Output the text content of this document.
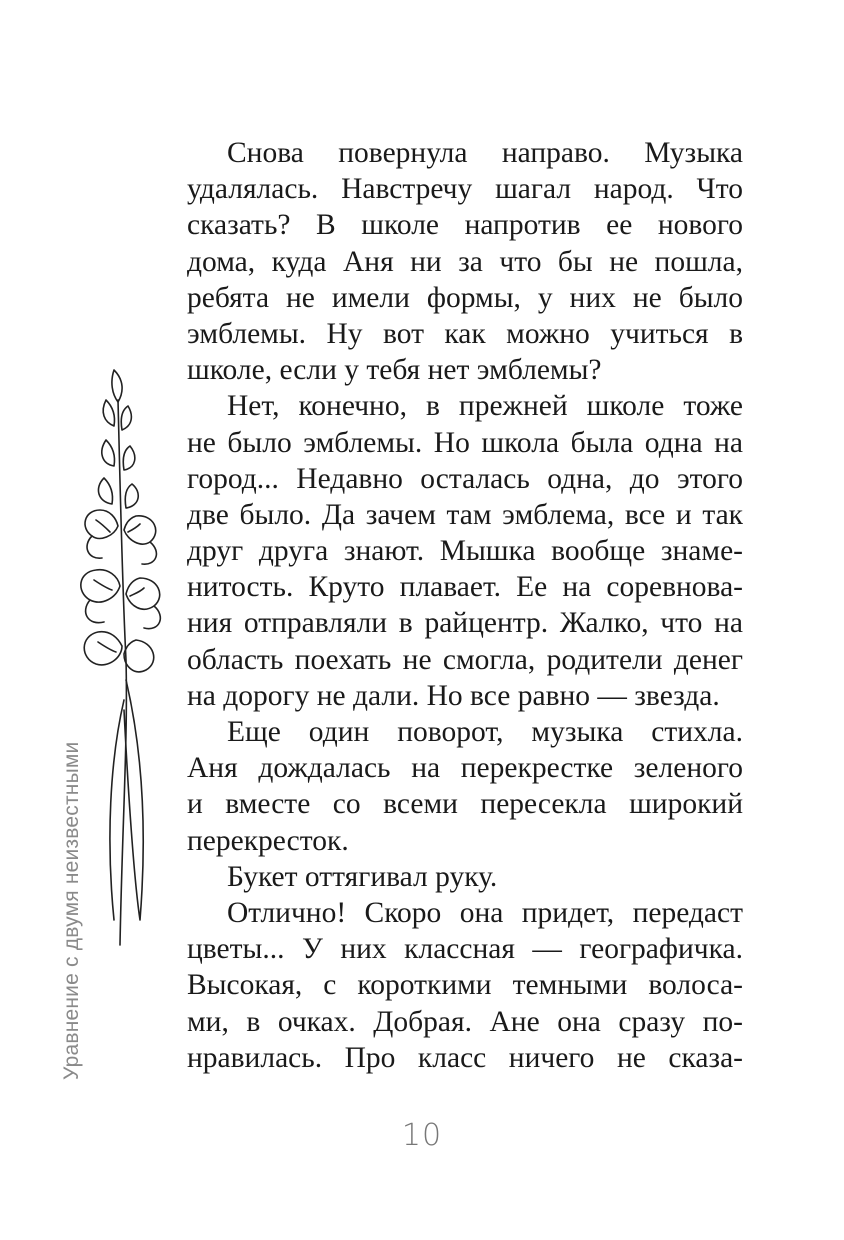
Уравнение с двумя неизвестными
Снова повернула направо. Музыка
удалялась. Навстречу шагал народ. Что
сказать? В школе напротив ее нового
дома, куда Аня ни за что бы не пошла,
ребята не имели формы, у них не было
эмблемы. Ну вот как можно учиться в
школе, если у тебя нет эмблемы?
Нет, конечно, в прежней школе тоже
не было эмблемы. Но школа была одна на
город... Недавно осталась одна, до этого
две было. Да зачем там эмблема, все и так
друг друга знают. Мышка вообще знаме-
нитость. Круто плавает. Ее на соревнова-
ния отправляли в райцентр. Жалко, что на
область поехать не смогла, родители денег
на дорогу не дали. Но все равно — звезда.
Еще один поворот, музыка стихла.
Аня дождалась на перекрестке зеленого
и вместе со всеми пересекла широкий
перекресток.
Букет оттягивал руку.
Отлично! Скоро она придет, передаст
цветы... У них классная — географичка.
Высокая, с короткими темными волоса-
ми, в очках. Добрая. Ане она сразу по-
нравилась. Про класс ничего не сказа-
10
